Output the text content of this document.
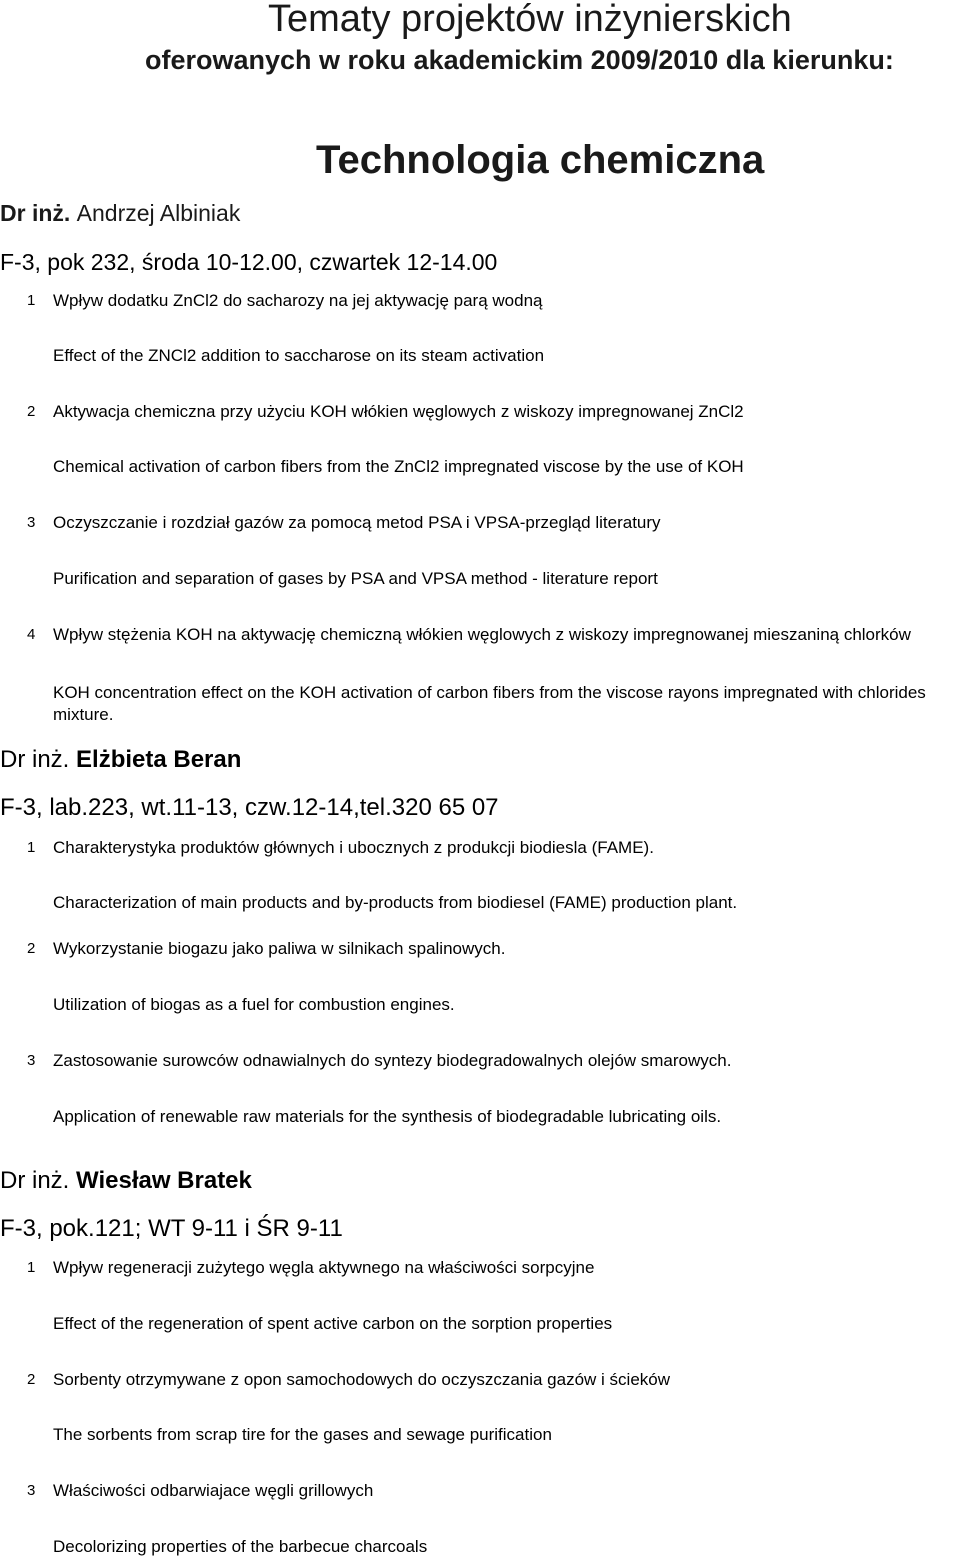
Tematy projektów inżynierskich
oferowanych w roku akademickim 2009/2010 dla kierunku:
Technologia chemiczna
Dr inż. Andrzej Albiniak
F-3, pok 232, środa 10-12.00, czwartek 12-14.00
1 Wpływ dodatku ZnCl2 do sacharozy na jej aktywację parą wodną
Effect of the ZNCl2 addition to saccharose on its steam activation
2 Aktywacja chemiczna przy użyciu KOH włókien węglowych z wiskozy impregnowanej ZnCl2
Chemical activation of carbon fibers from the ZnCl2 impregnated viscose by the use of KOH
3 Oczyszczanie i rozdział gazów za pomocą metod PSA i VPSA-przegląd literatury
Purification and separation of gases by PSA and VPSA method - literature report
4 Wpływ stężenia KOH na aktywację chemiczną włókien węglowych z wiskozy impregnowanej mieszaniną chlorków
KOH concentration effect on the KOH activation of carbon fibers from the viscose rayons impregnated with chlorides mixture.
Dr inż. Elżbieta Beran
F-3, lab.223, wt.11-13, czw.12-14,tel.320 65 07
1 Charakterystyka produktów głównych i ubocznych z produkcji biodiesla (FAME).
Characterization of main products and by-products from biodiesel (FAME) production plant.
2 Wykorzystanie biogazu jako paliwa w silnikach spalinowych.
Utilization of biogas as a fuel for combustion engines.
3 Zastosowanie surowców odnawialnych do syntezy biodegradowalnych olejów smarowych.
Application of renewable raw materials for the synthesis of biodegradable lubricating oils.
Dr inż. Wiesław Bratek
F-3, pok.121; WT 9-11 i ŚR 9-11
1 Wpływ regeneracji zużytego węgla aktywnego na właściwości sorpcyjne
Effect of the regeneration of spent active carbon on the sorption properties
2 Sorbenty otrzymywane z opon samochodowych do oczyszczania gazów i ścieków
The sorbents from scrap tire for the gases and sewage purification
3 Właściwości odbarwiajace węgli grillowych
Decolorizing properties of the barbecue charcoals
